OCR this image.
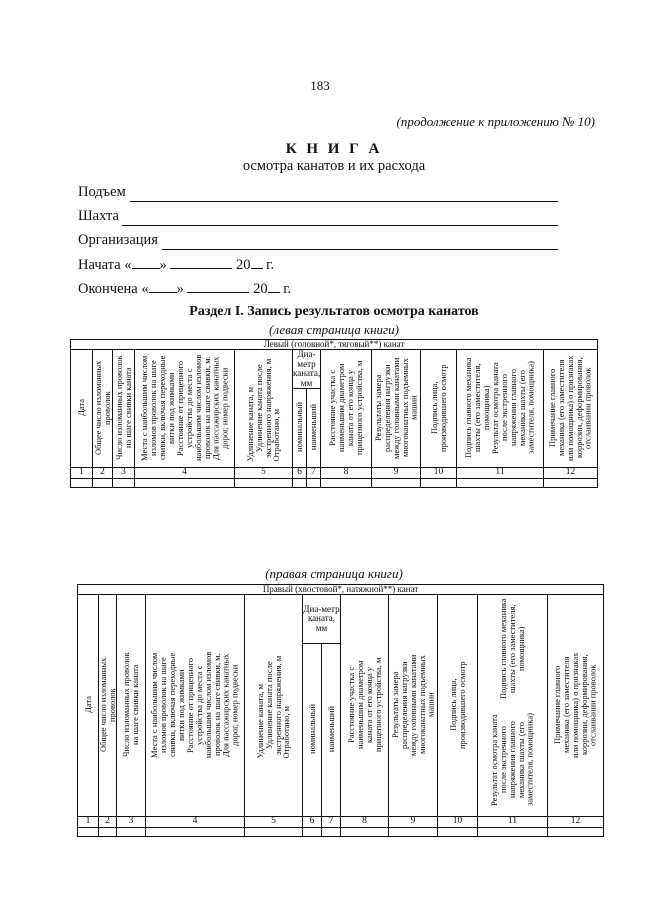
183
(продолжение к приложению № 10)
К Н И Г А
осмотра канатов и их расхода
Подъем
Шахта
Организация
Начата « »	20 г.
Окончена « »	20 г.
Раздел I. Запись результатов осмотра канатов
(левая страница книги)
Левый (головной*, тяговый**) канат											
Дата	Общее число изломанных проволок	Число изломанных проволок на шаге свивки каната	Места с наибольшим числом изломов проволок на шаге свивки, включая переходные витки под жимкамиРасстояние от прицепного устройства до места с наибольшим числом изломов проволок на шаге свивки, м. Для пассажирских канатных дорог, номер подвески	Удлинение каната, мУдлинение каната после экстренного напряжения, мОтработано, м	Диа-метр каната, мм		Расстояние участка с наименьшим диаметром каната от его конца у прицепного устройства, м	Результаты замера распределения нагрузки между головными канатами многоканатных подъемных машин	Подпись лица, производившего осмотр	Подпись главного механика шахты (его заместителя, помощника)Результат осмотра каната после экстренного напряжения главного механика шахты (его заместителя, помощника)	Примечание главного механика (его заместителя или помощника) о признаках коррозии, деформирования, отслаивании проволок
					номинальный	наименьший					
1	2	3	4	5	6	7	8	9	10	11	12

(правая страница книги)
Правый (хвостовой*, натяжной**) канат											
Дата	Общее число изломанных проволок	Число изломанных проволок на шаге свивки каната	Места с наибольшим числом изломов проволок на шаге свивки, включая переходные витки под жимкамиРасстояние от прицепного устройства до места с наибольшим числом изломов проволок на шаге свивки, м. Для пассажирских канатных дорог, номер подвески	Удлинение каната, мУдлинение каната после экстренного напряжения, мОтработано, м	Диа-метр каната, мм		Расстояние участка с наименьшим диаметром каната от его конца у прицепного устройства, м	Результаты замера распределения нагрузки между головными канатами многоканатных подъемных машин	Подпись лица, производившего осмотр	Подпись главного механика шахты (его заместителя, помощника)Результат осмотра каната после экстренного напряжения главного механика шахты (его заместителя, помощника)	Примечание главного механика (его заместителя или помощника) о признаках коррозии, деформирования, отслаивании проволок
					номинальный	наименьший					
1	2	3	4	5	6	7	8	9	10	11	12
